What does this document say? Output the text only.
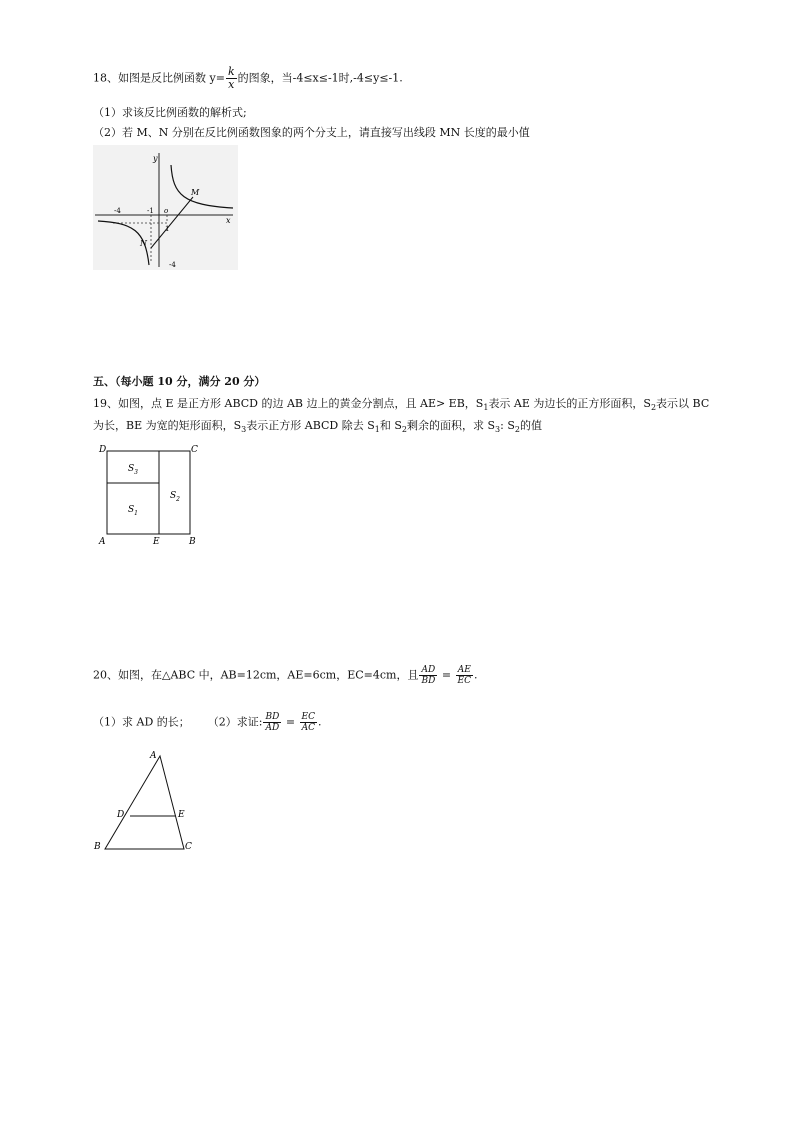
18、如图是反比例函数 $y= \frac{k}{x}$ 的图象，当-4≤x≤-1时,-4≤y≤-1.
（1）求该反比例函数的解析式;
（2）若 M、N 分别在反比例函数图象的两个分支上，请直接写出线段 MN 长度的最小值
y
x
o
M
N
-4	-1
1
-4
五、（每小题 10 分，满分 20 分）
19、如图，点 E 是正方形 ABCD 的边 AB 边上的黄金分割点，且 AE> EB，$S_1$表示 AE 为边长的正方形面积，$S_2$表示以 BC
为长，BE 为宽的矩形面积，$S_3$表示正方形 ABCD 除去 $S_1$和 $S_2$剩余的面积，求 $S_3$: $S_2$的值
D	C
A	E	B
$S_3$
$S_1$
$S_2$
20、如图，在△ABC 中，AB=12cm，AE=6cm，EC=4cm，且 $\frac{AD}{BD} = \frac{AE}{EC}$ .
（1）求 AD 的长； （2）求证: $\frac{BD}{AD} = \frac{EC}{AC}$ .
A
D	E
B	C
